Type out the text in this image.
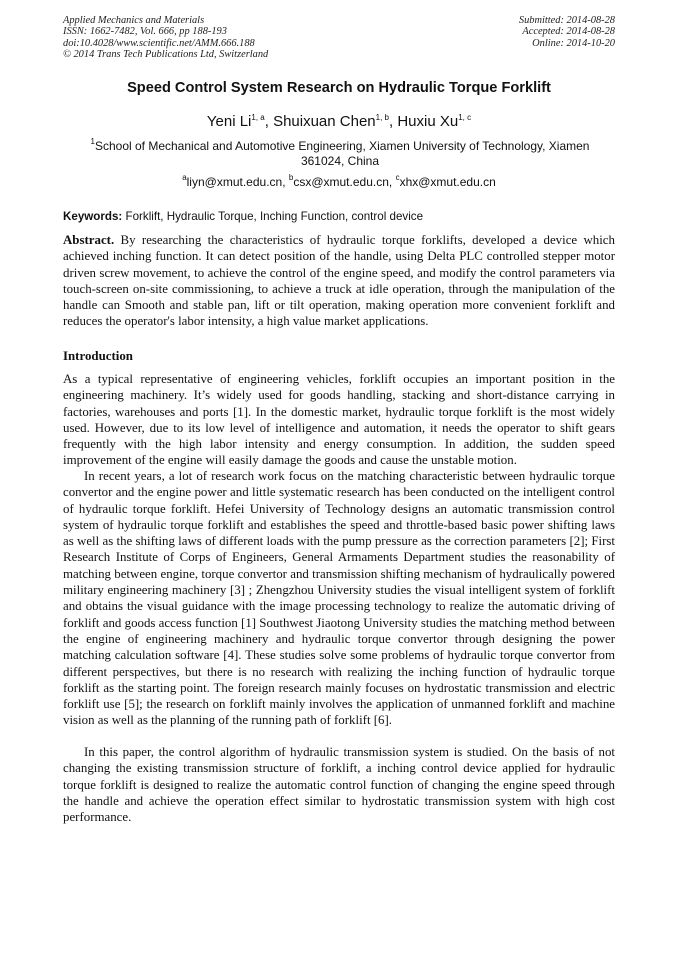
Applied Mechanics and Materials
ISSN: 1662-7482, Vol. 666, pp 188-193
doi:10.4028/www.scientific.net/AMM.666.188
© 2014 Trans Tech Publications Ltd, Switzerland
Submitted: 2014-08-28
Accepted: 2014-08-28
Online: 2014-10-20
Speed Control System Research on Hydraulic Torque Forklift
Yeni Li$^{1, a}$, Shuixuan Chen$^{1, b}$, Huxiu Xu$^{1, c}$
$^1$School of Mechanical and Automotive Engineering, Xiamen University of Technology, Xiamen 361024, China
$^a$liyn@xmut.edu.cn, $^b$csx@xmut.edu.cn, $^c$xhx@xmut.edu.cn
Keywords: Forklift, Hydraulic Torque, Inching Function, control device
Abstract. By researching the characteristics of hydraulic torque forklifts, developed a device which achieved inching function. It can detect position of the handle, using Delta PLC controlled stepper motor driven screw movement, to achieve the control of the engine speed, and modify the control parameters via touch-screen on-site commissioning, to achieve a truck at idle operation, through the manipulation of the handle can Smooth and stable pan, lift or tilt operation, making operation more convenient forklift and reduces the operator's labor intensity, a high value market applications.
Introduction
As a typical representative of engineering vehicles, forklift occupies an important position in the engineering machinery. It’s widely used for goods handling, stacking and short-distance carrying in factories, warehouses and ports [1]. In the domestic market, hydraulic torque forklift is the most widely used. However, due to its low level of intelligence and automation, it needs the operator to shift gears frequently with the high labor intensity and energy consumption. In addition, the sudden speed improvement of the engine will easily damage the goods and cause the unstable motion.
In recent years, a lot of research work focus on the matching characteristic between hydraulic torque convertor and the engine power and little systematic research has been conducted on the intelligent control of hydraulic torque forklift. Hefei University of Technology designs an automatic transmission control system of hydraulic torque forklift and establishes the speed and throttle-based basic power shifting laws as well as the shifting laws of different loads with the pump pressure as the correction parameters [2]; First Research Institute of Corps of Engineers, General Armaments Department studies the reasonability of matching between engine, torque convertor and transmission shifting mechanism of hydraulically powered military engineering machinery [3] ; Zhengzhou University studies the visual intelligent system of forklift and obtains the visual guidance with the image processing technology to realize the automatic driving of forklift and goods access function [1] Southwest Jiaotong University studies the matching method between the engine of engineering machinery and hydraulic torque convertor through designing the power matching calculation software [4]. These studies solve some problems of hydraulic torque convertor from different perspectives, but there is no research with realizing the inching function of hydraulic torque forklift as the starting point. The foreign research mainly focuses on hydrostatic transmission and electric forklift use [5]; the research on forklift mainly involves the application of unmanned forklift and machine vision as well as the planning of the running path of forklift [6].
In this paper, the control algorithm of hydraulic transmission system is studied. On the basis of not changing the existing transmission structure of forklift, a inching control device applied for hydraulic torque forklift is designed to realize the automatic control function of changing the engine speed through the handle and achieve the operation effect similar to hydrostatic transmission system with high cost performance.
